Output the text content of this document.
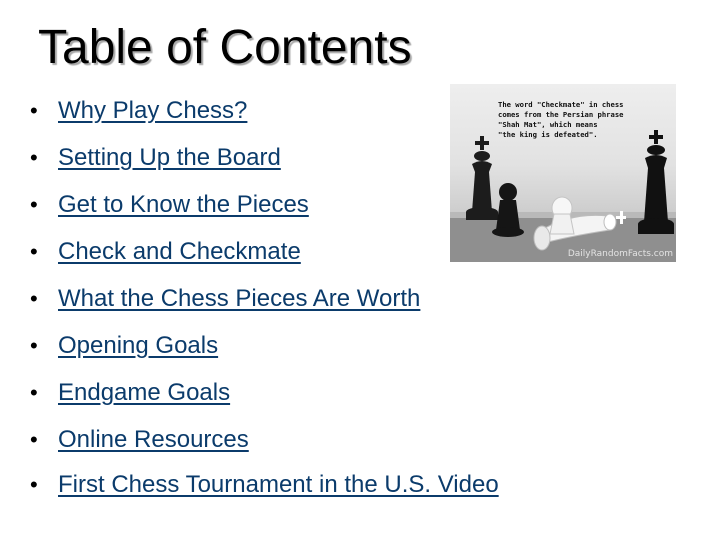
Table of Contents
• Why Play Chess?
• Setting Up the Board
• Get to Know the Pieces
• Check and Checkmate
• What the Chess Pieces Are Worth
• Opening Goals
• Endgame Goals
• Online Resources
• First Chess Tournament in the U.S. Video
The word "Checkmate" in chess
comes from the Persian phrase
"Shah Mat", which means
"the king is defeated".
DailyRandomFacts.com
